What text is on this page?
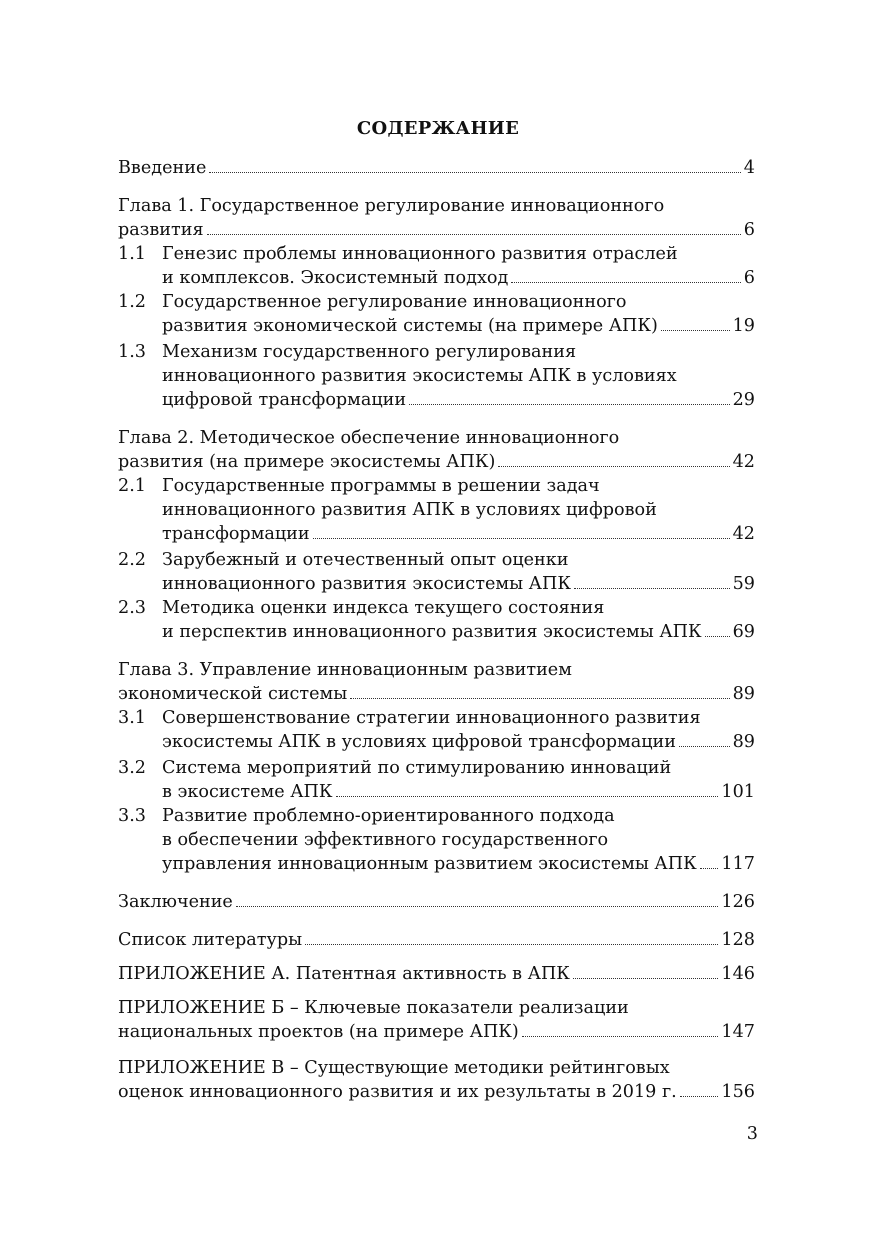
СОДЕРЖАНИЕ
Введение	4
Глава 1. Государственное регулирование инновационного
развития	6
1.1 Генезис проблемы инновационного развития отраслей
и комплексов. Экосистемный подход	6
1.2 Государственное регулирование инновационного
развития экономической системы (на примере АПК)	19
1.3 Механизм государственного регулирования
инновационного развития экосистемы АПК в условиях
цифровой трансформации	29
Глава 2. Методическое обеспечение инновационного
развития (на примере экосистемы АПК)	42
2.1 Государственные программы в решении задач
инновационного развития АПК в условиях цифровой
трансформации	42
2.2 Зарубежный и отечественный опыт оценки
инновационного развития экосистемы АПК	59
2.3 Методика оценки индекса текущего состояния
и перспектив инновационного развития экосистемы АПК 69
Глава 3. Управление инновационным развитием
экономической системы	89
3.1 Совершенствование стратегии инновационного развития
экосистемы АПК в условиях цифровой трансформации	89
3.2 Система мероприятий по стимулированию инноваций
в экосистеме АПК	101
3.3 Развитие проблемно-ориентированного подхода
в обеспечении эффективного государственного
управления инновационным развитием экосистемы АПК 117
Заключение	126
Список литературы	128
ПРИЛОЖЕНИЕ А. Патентная активность в АПК	146
ПРИЛОЖЕНИЕ Б – Ключевые показатели реализации
национальных проектов (на примере АПК)	147
ПРИЛОЖЕНИЕ В – Существующие методики рейтинговых
оценок инновационного развития и их результаты в 2019 г.	156
3
